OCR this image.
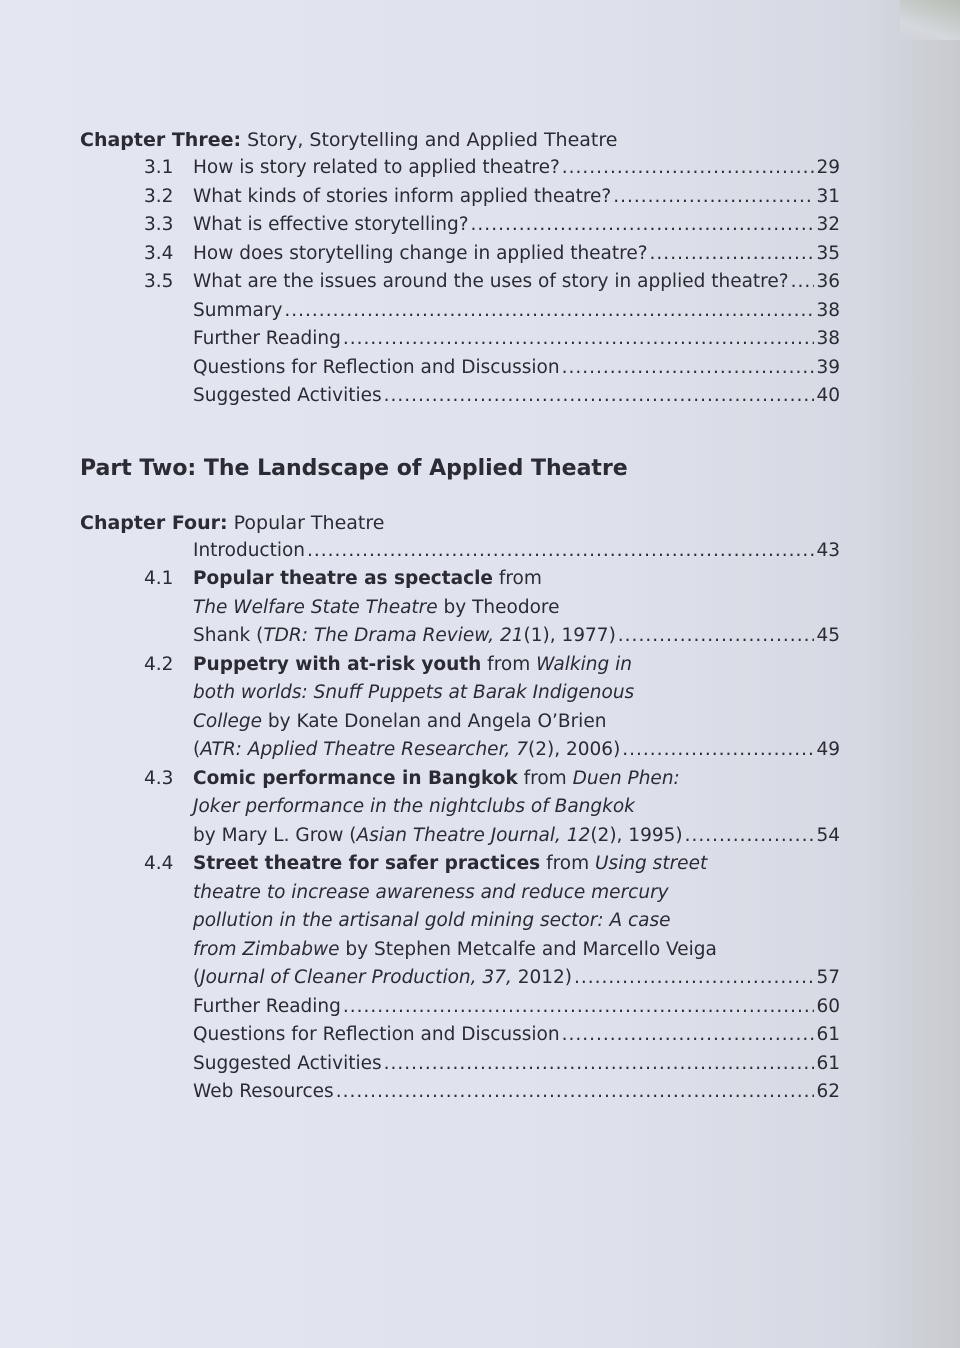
Chapter Three: Story, Storytelling and Applied Theatre
3.1	How is story related to applied theatre? .....	29
3.2	What kinds of stories inform applied theatre? .....	31
3.3	What is effective storytelling? .....	32
3.4	How does storytelling change in applied theatre? .....	35
3.5	What are the issues around the uses of story in applied theatre? ..... 36
Summary .....	38
Further Reading .....	38
Questions for Reflection and Discussion .....	39
Suggested Activities .....	40
Part Two: The Landscape of Applied Theatre
Chapter Four: Popular Theatre
Introduction .....	43
4.1	Popular theatre as spectacle from
The Welfare State Theatre by Theodore
Shank (TDR: The Drama Review, 21(1), 1977) .....	45
4.2	Puppetry with at-risk youth from Walking in
both worlds: Snuff Puppets at Barak Indigenous
College by Kate Donelan and Angela O’Brien
(ATR: Applied Theatre Researcher, 7(2), 2006) .....	49
4.3	Comic performance in Bangkok from Duen Phen:
Joker performance in the nightclubs of Bangkok
by Mary L. Grow (Asian Theatre Journal, 12(2), 1995) .....	54
4.4	Street theatre for safer practices from Using street
theatre to increase awareness and reduce mercury
pollution in the artisanal gold mining sector: A case
from Zimbabwe by Stephen Metcalfe and Marcello Veiga
(Journal of Cleaner Production, 37, 2012) .....	57
Further Reading .....	60
Questions for Reflection and Discussion .....	61
Suggested Activities .....	61
Web Resources .....	62
